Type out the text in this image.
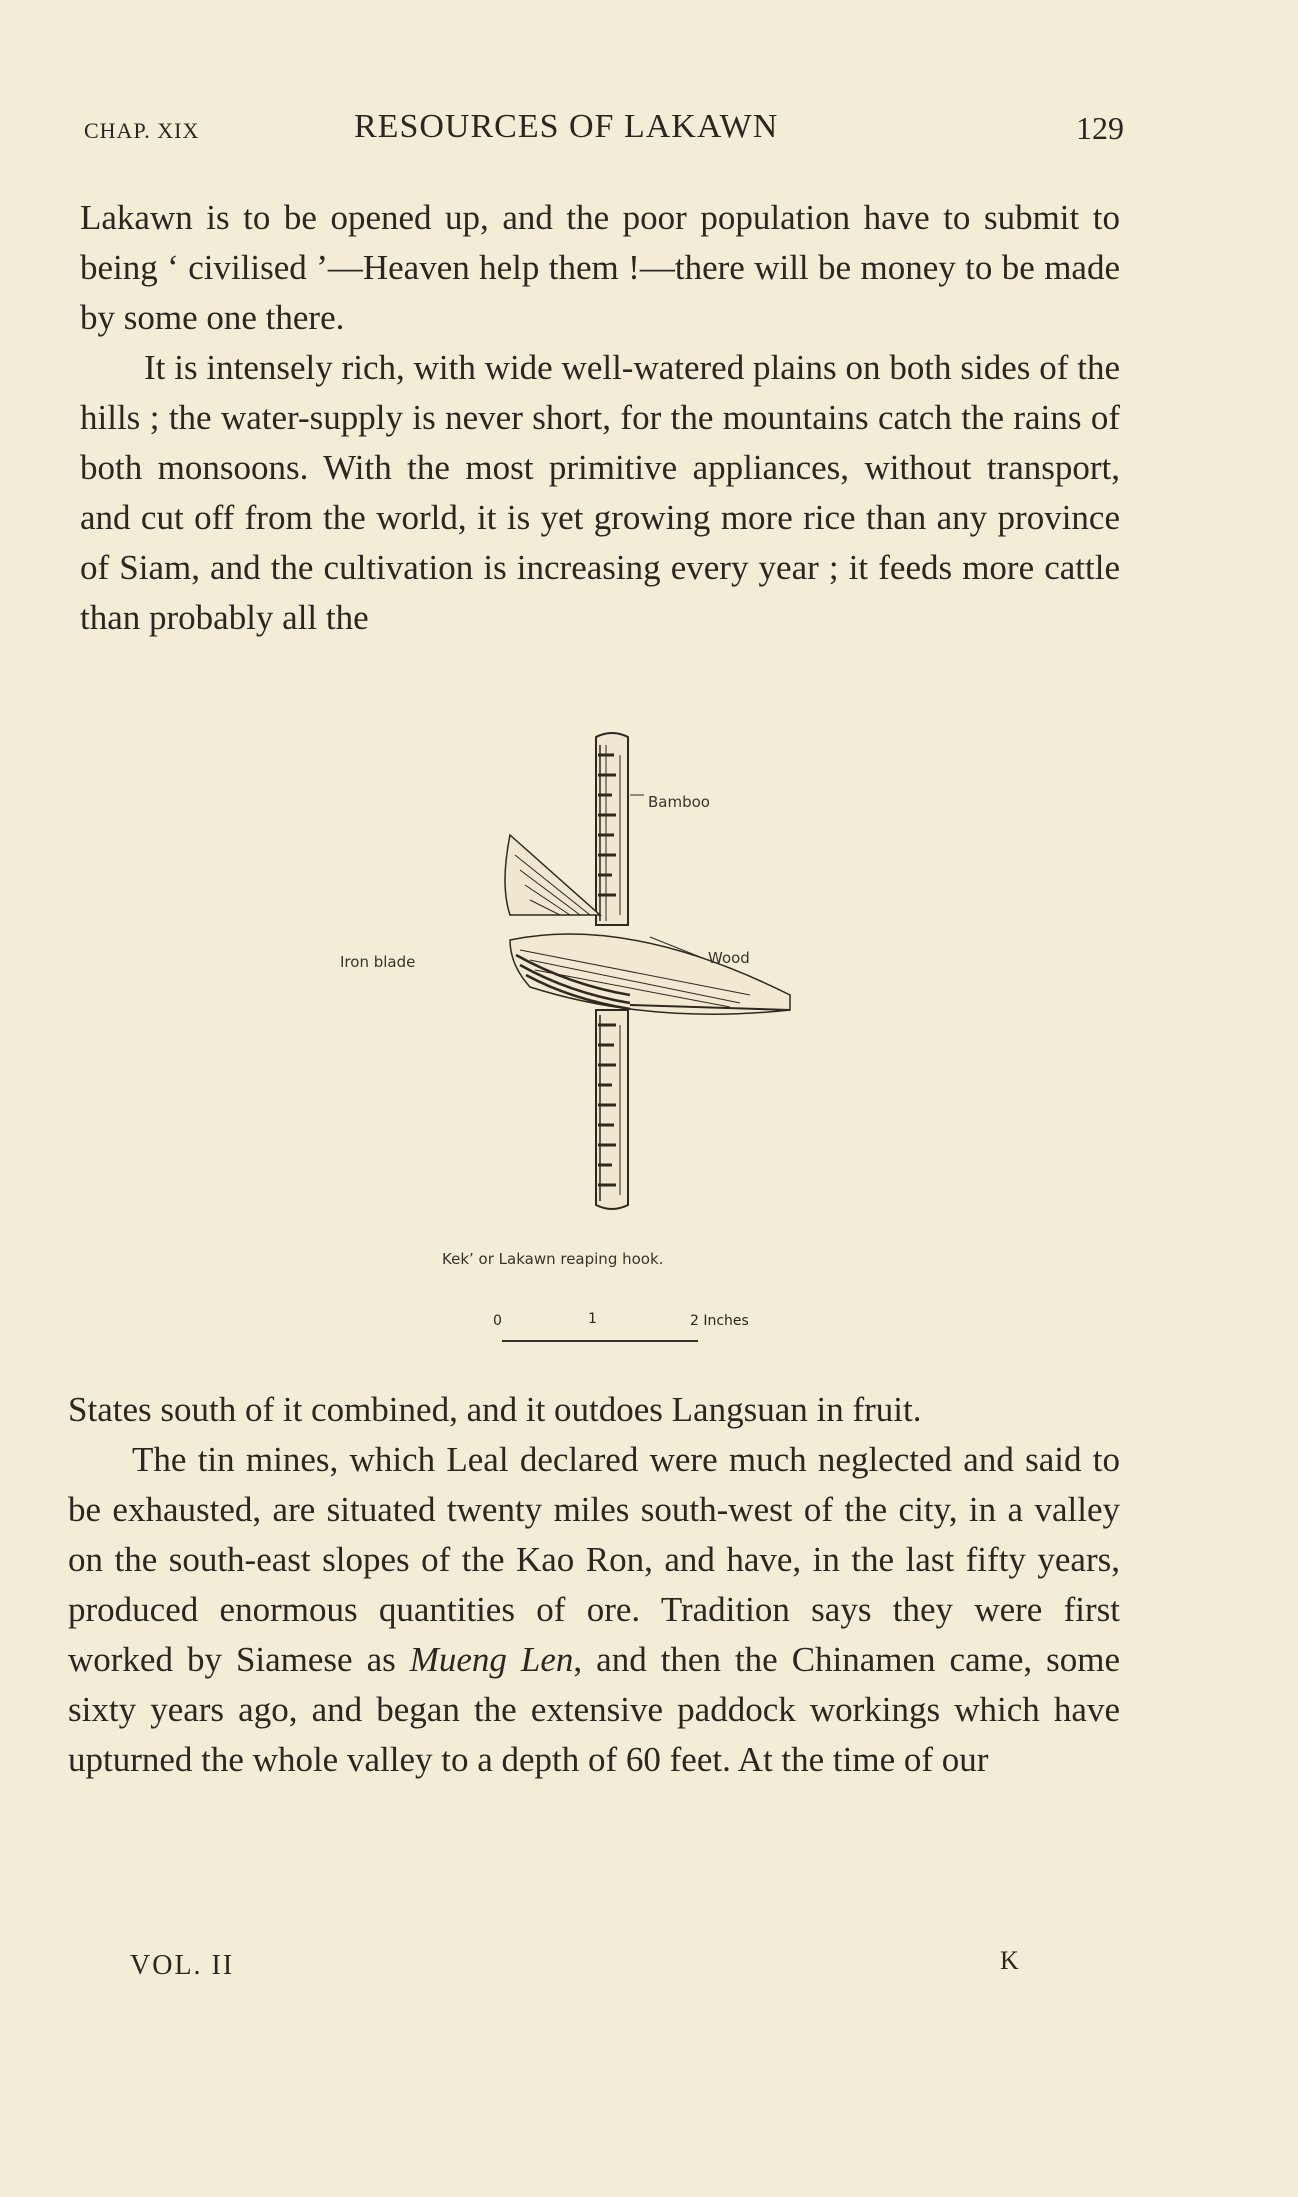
CHAP. XIX	RESOURCES OF LAKAWN	129

Lakawn is to be opened up, and the poor population have to submit to being ‘ civilised ’—Heaven help them !—there will be money to be made by some one there.

It is intensely rich, with wide well-watered plains on both sides of the hills ; the water-supply is never short, for the mountains catch the rains of both monsoons. With the most primitive appliances, without transport, and cut off from the world, it is yet growing more rice than any province of Siam, and the cultivation is increasing every year ; it feeds more cattle than probably all the

Bamboo
Iron blade	Wood
Kek’ or Lakawn reaping hook.
0	1	2 Inches

States south of it combined, and it outdoes Langsuan in fruit.

The tin mines, which Leal declared were much neglected and said to be exhausted, are situated twenty miles south-west of the city, in a valley on the south-east slopes of the Kao Ron, and have, in the last fifty years, produced enormous quantities of ore. Tradition says they were first worked by Siamese as Mueng Len, and then the Chinamen came, some sixty years ago, and began the extensive paddock workings which have upturned the whole valley to a depth of 60 feet. At the time of our

VOL. II	K
